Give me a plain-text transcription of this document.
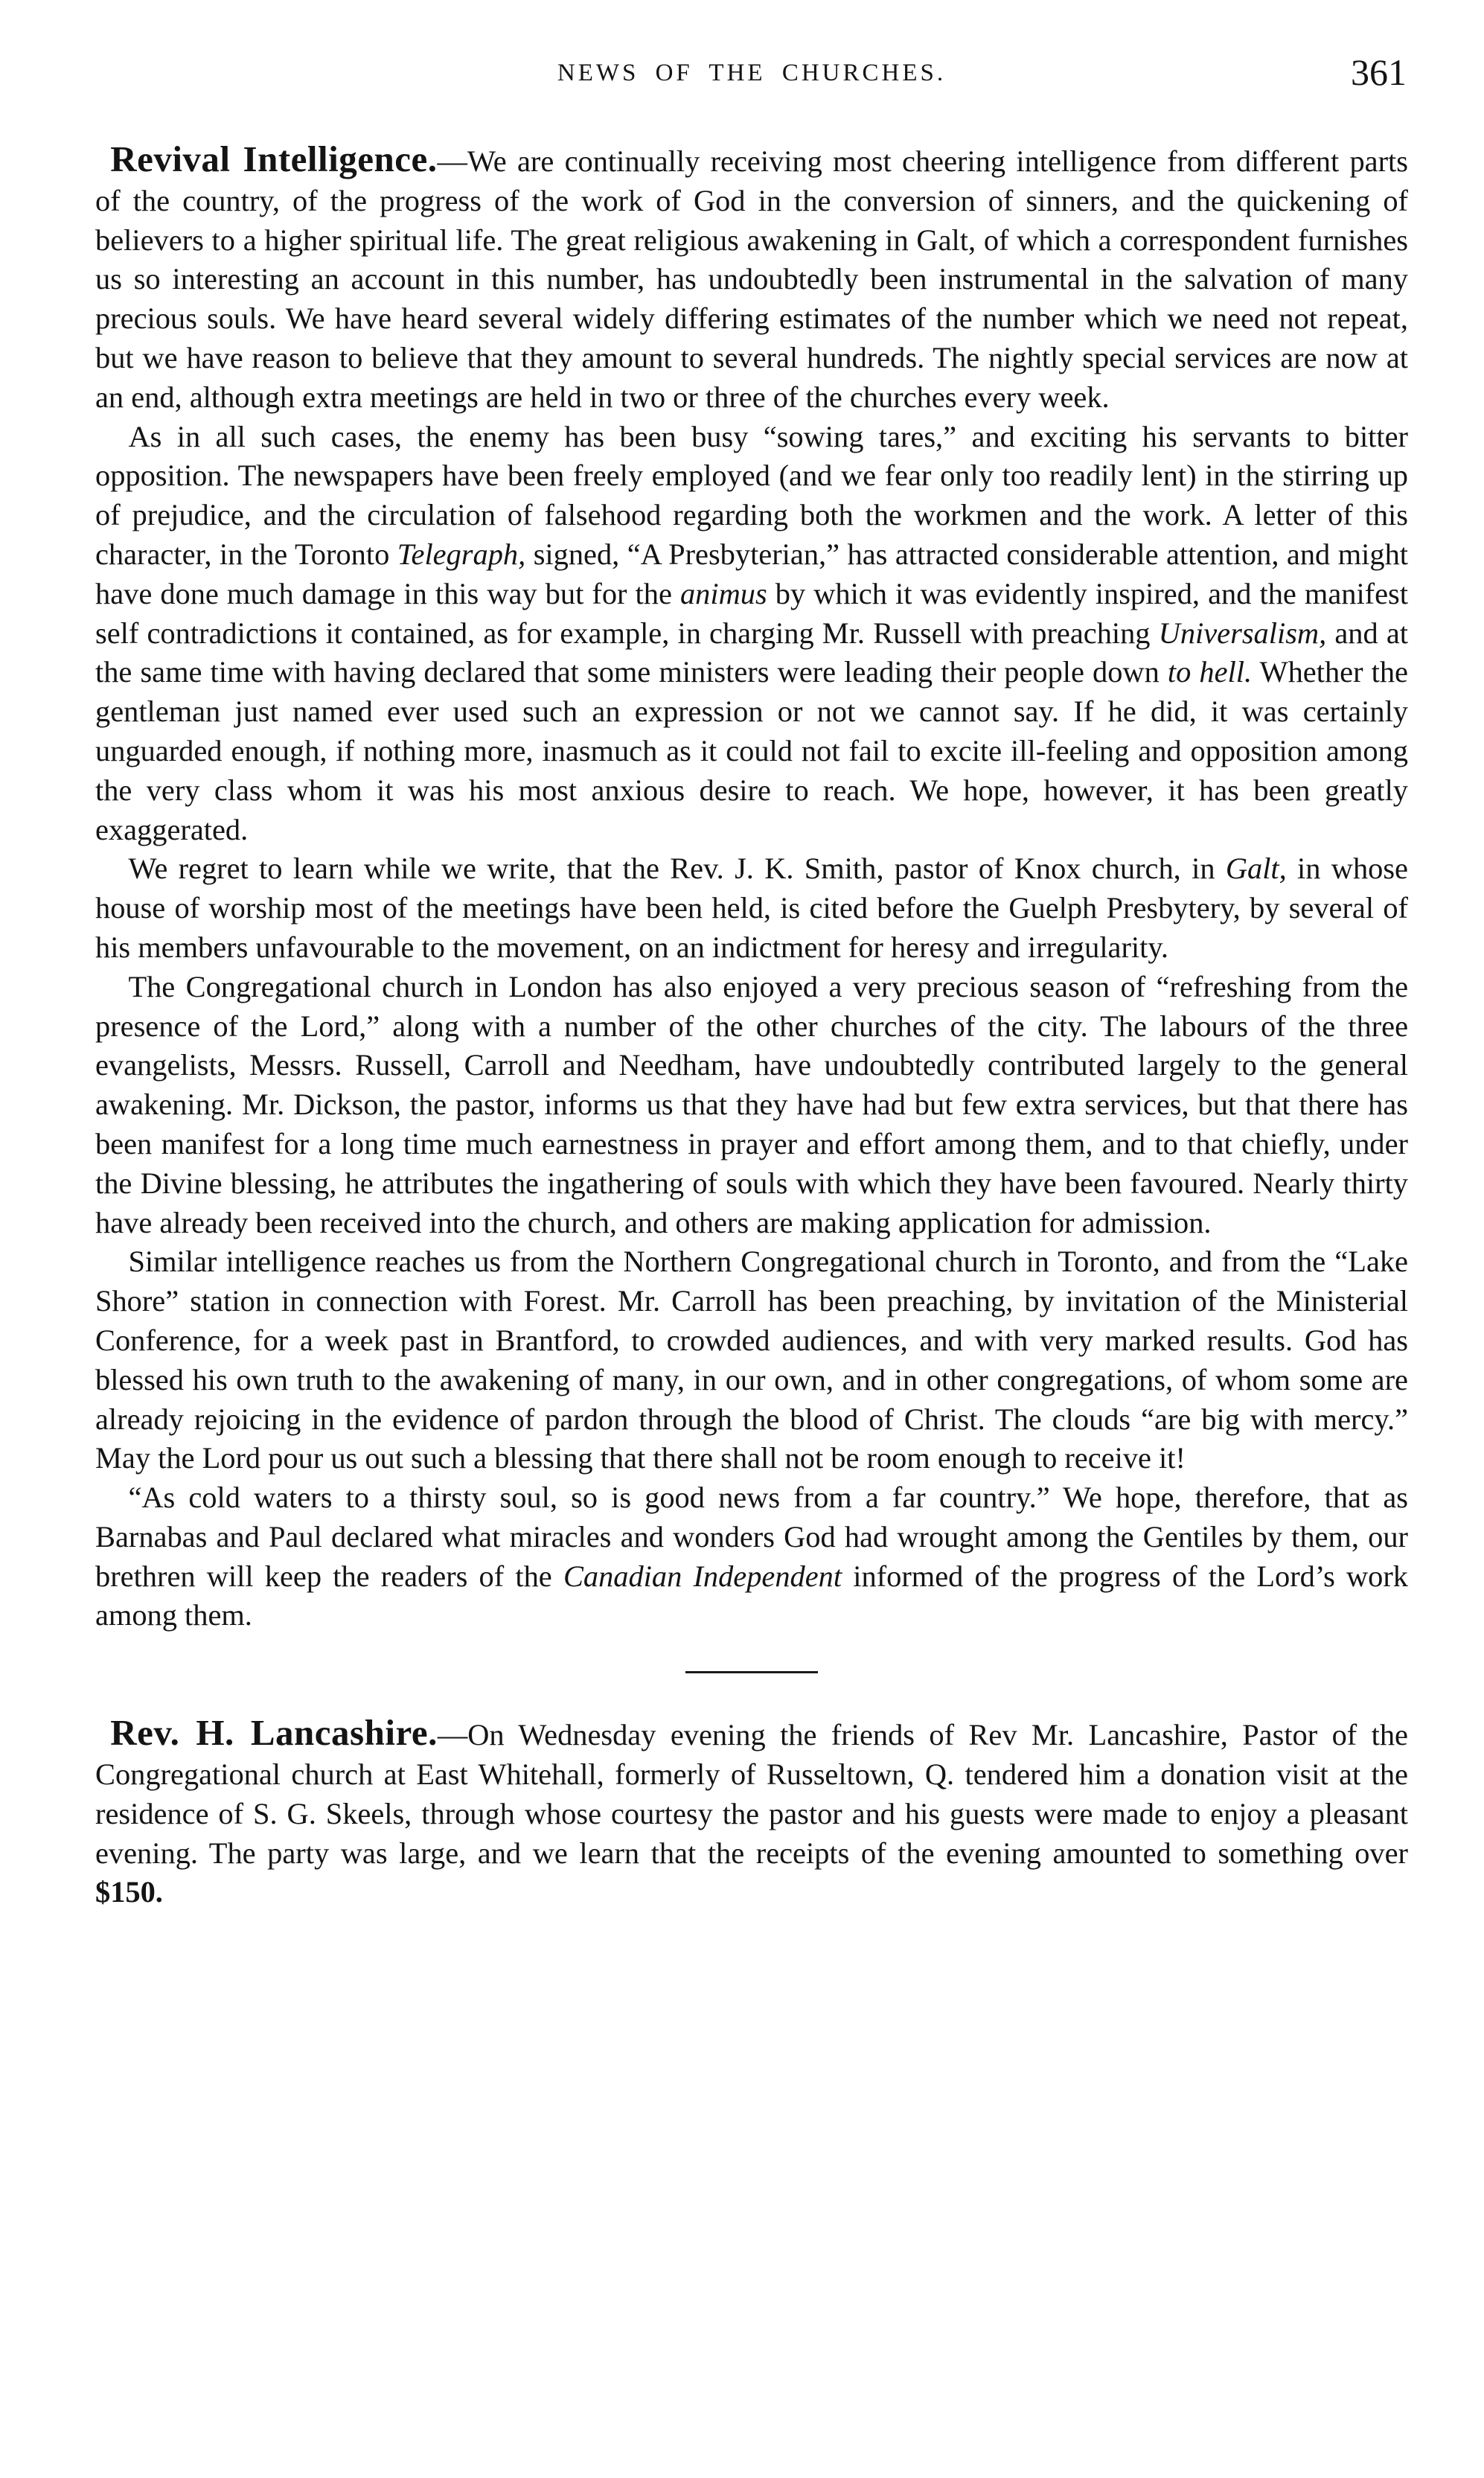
NEWS OF THE CHURCHES.	361

Revival Intelligence.—We are continually receiving most cheering intelligence from different parts of the country, of the progress of the work of God in the conversion of sinners, and the quickening of believers to a higher spiritual life. The great religious awakening in Galt, of which a correspondent furnishes us so interesting an account in this number, has undoubtedly been instrumental in the salvation of many precious souls. We have heard several widely differing estimates of the number which we need not repeat, but we have reason to believe that they amount to several hundreds. The nightly special services are now at an end, although extra meetings are held in two or three of the churches every week.

As in all such cases, the enemy has been busy “sowing tares,” and exciting his servants to bitter opposition. The newspapers have been freely employed (and we fear only too readily lent) in the stirring up of prejudice, and the circulation of falsehood regarding both the workmen and the work. A letter of this character, in the Toronto Telegraph, signed, “A Presbyterian,” has attracted considerable attention, and might have done much damage in this way but for the animus by which it was evidently inspired, and the manifest self contradictions it contained, as for example, in charging Mr. Russell with preaching Universalism, and at the same time with having declared that some ministers were leading their people down to hell. Whether the gentleman just named ever used such an expression or not we cannot say. If he did, it was certainly unguarded enough, if nothing more, inasmuch as it could not fail to excite ill-feeling and opposition among the very class whom it was his most anxious desire to reach. We hope, however, it has been greatly exaggerated.

We regret to learn while we write, that the Rev. J. K. Smith, pastor of Knox church, in Galt, in whose house of worship most of the meetings have been held, is cited before the Guelph Presbytery, by several of his members unfavourable to the movement, on an indictment for heresy and irregularity.

The Congregational church in London has also enjoyed a very precious season of “refreshing from the presence of the Lord,” along with a number of the other churches of the city. The labours of the three evangelists, Messrs. Russell, Carroll and Needham, have undoubtedly contributed largely to the general awakening. Mr. Dickson, the pastor, informs us that they have had but few extra services, but that there has been manifest for a long time much earnestness in prayer and effort among them, and to that chiefly, under the Divine blessing, he attributes the ingathering of souls with which they have been favoured. Nearly thirty have already been received into the church, and others are making application for admission.

Similar intelligence reaches us from the Northern Congregational church in Toronto, and from the “Lake Shore” station in connection with Forest. Mr. Carroll has been preaching, by invitation of the Ministerial Conference, for a week past in Brantford, to crowded audiences, and with very marked results. God has blessed his own truth to the awakening of many, in our own, and in other congregations, of whom some are already rejoicing in the evidence of pardon through the blood of Christ. The clouds “are big with mercy.” May the Lord pour us out such a blessing that there shall not be room enough to receive it!

“As cold waters to a thirsty soul, so is good news from a far country.” We hope, therefore, that as Barnabas and Paul declared what miracles and wonders God had wrought among the Gentiles by them, our brethren will keep the readers of the Canadian Independent informed of the progress of the Lord’s work among them.

Rev. H. Lancashire.—On Wednesday evening the friends of Rev Mr. Lancashire, Pastor of the Congregational church at East Whitehall, formerly of Russeltown, Q. tendered him a donation visit at the residence of S. G. Skeels, through whose courtesy the pastor and his guests were made to enjoy a pleasant evening. The party was large, and we learn that the receipts of the evening amounted to something over $150.
